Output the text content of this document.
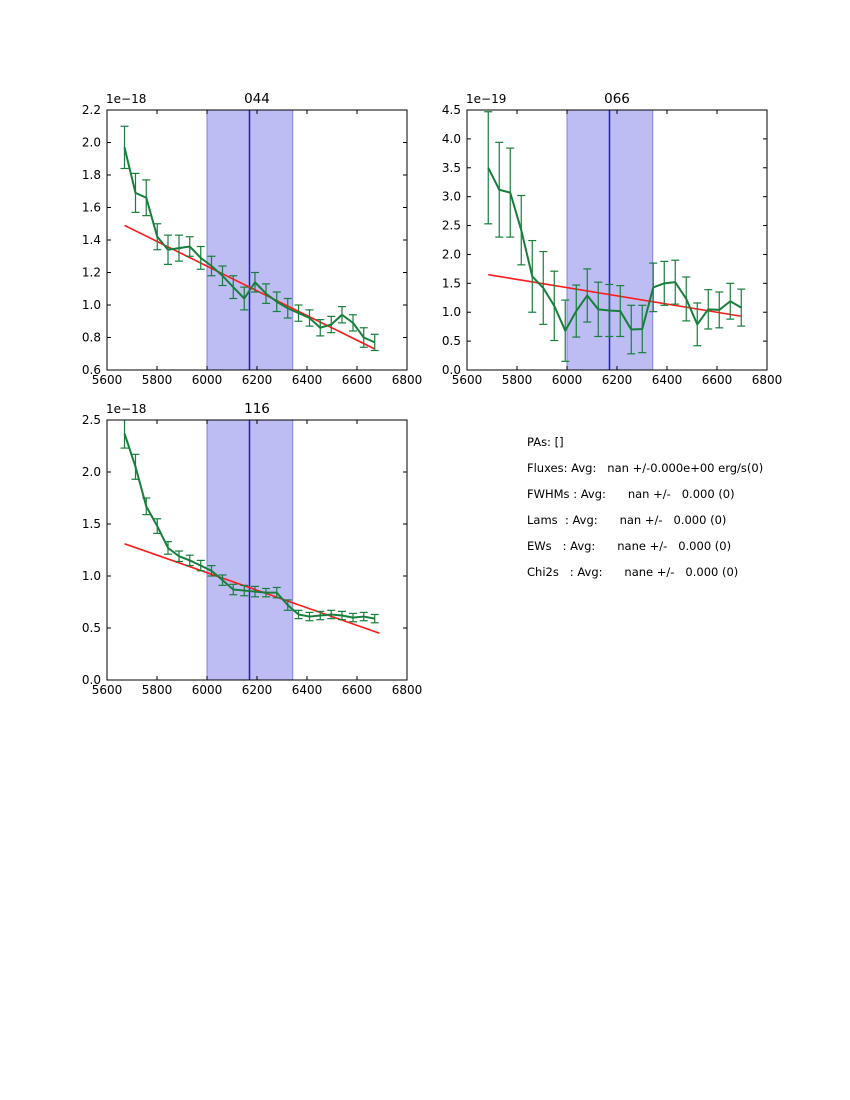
5600 5800 6000 6200 6400 6600 6800
0.6
0.8
1.0
1.2
1.4
1.6
1.8
2.0
2.2
044
1e−18
5600 5800 6000 6200 6400 6600 6800
0.0
0.5
1.0
1.5
2.0
2.5
3.0
3.5
4.0
4.5
066
1e−19
5600 5800 6000 6200 6400 6600 6800
0.0
0.5
1.0
1.5
2.0
2.5
116
1e−18
PAs: []
Fluxes: Avg:   nan +/-0.000e+00 erg/s(0)
FWHMs : Avg:      nan +/-   0.000 (0)
Lams  : Avg:      nan +/-   0.000 (0)
EWs   : Avg:      nane +/-   0.000 (0)
Chi2s   : Avg:      nane +/-   0.000 (0)
